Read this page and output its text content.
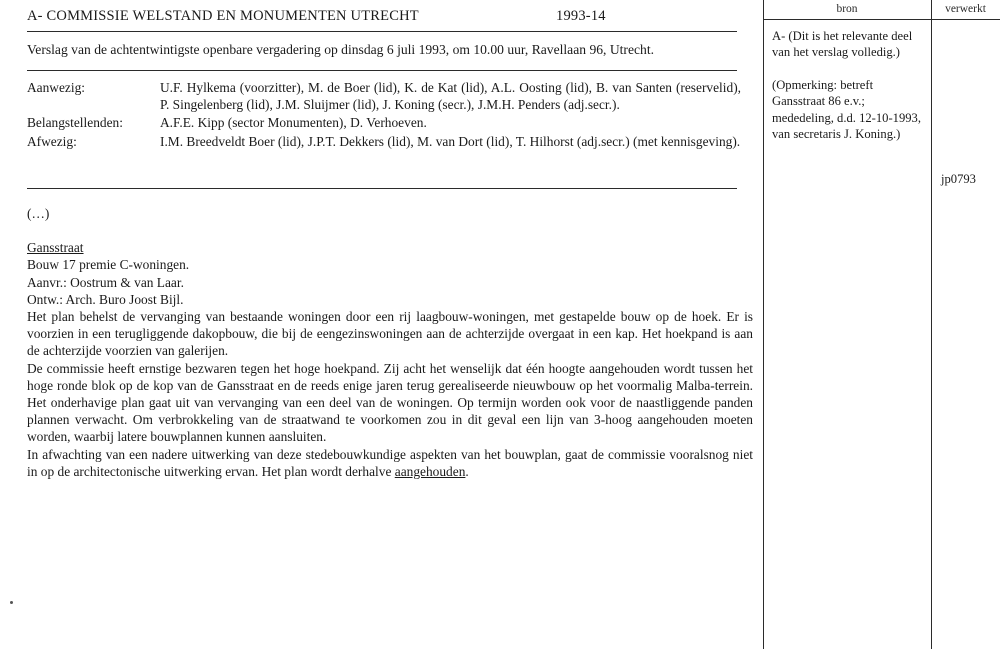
bron	verwerkt
A- COMMISSIE WELSTAND EN MONUMENTEN UTRECHT	1993-14
Verslag van de achtentwintigste openbare vergadering op dinsdag 6 juli 1993, om 10.00 uur, Ravellaan 96, Utrecht.
Aanwezig:	U.F. Hylkema (voorzitter), M. de Boer (lid), K. de Kat (lid), A.L. Oosting (lid), B. van Santen (reservelid), P. Singelenberg (lid), J.M. Sluijmer (lid), J. Koning (secr.), J.M.H. Penders (adj.secr.).
Belangstellenden:	A.F.E. Kipp (sector Monumenten), D. Verhoeven.
Afwezig:	I.M. Breedveldt Boer (lid), J.P.T. Dekkers (lid), M. van Dort (lid), T. Hilhorst (adj.secr.) (met kennisgeving).

(…)

Gansstraat

Bouw 17 premie C-woningen.

Aanvr.: Oostrum & van Laar.

Ontw.: Arch. Buro Joost Bijl.

Het plan behelst de vervanging van bestaande woningen door een rij laagbouw-woningen, met gestapelde bouw op de hoek. Er is voorzien in een terugliggende dakopbouw, die bij de eengezinswoningen aan de achterzijde overgaat in een kap. Het hoekpand is aan de achterzijde voorzien van galerijen.

De commissie heeft ernstige bezwaren tegen het hoge hoekpand. Zij acht het wenselijk dat één hoogte aangehouden wordt tussen het hoge ronde blok op de kop van de Gansstraat en de reeds enige jaren terug gerealiseerde nieuwbouw op het voormalig Malba-terrein. Het onderhavige plan gaat uit van vervanging van een deel van de woningen. Op termijn worden ook voor de naastliggende panden plannen verwacht. Om verbrokkeling van de straatwand te voorkomen zou in dit geval een lijn van 3-hoog aangehouden moeten worden, waarbij latere bouwplannen kunnen aansluiten.

In afwachting van een nadere uitwerking van deze stedebouwkundige aspekten van het bouwplan, gaat de commissie vooralsnog niet in op de architectonische uitwerking ervan. Het plan wordt derhalve aangehouden.

A- (Dit is het relevante deel van het verslag volledig.)

(Opmerking: betreft Gansstraat 86 e.v.; mededeling, d.d. 12-10-1993, van secretaris J. Koning.)

jp0793
